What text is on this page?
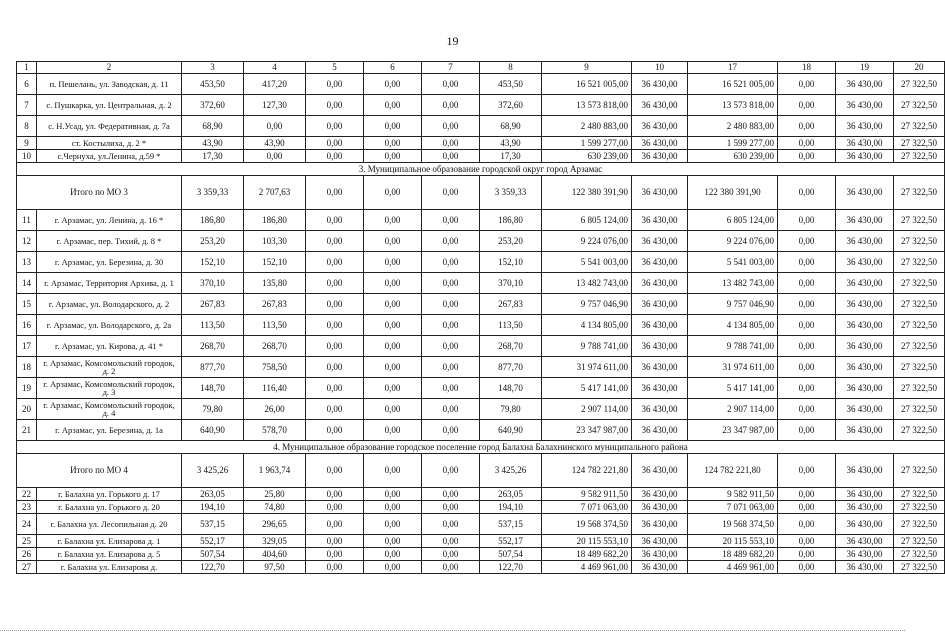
19
1	2	3	4	5	6	7	8	9	10	17	18	19	20
6	п. Пешелань, ул. Заводская, д. 11	453,50	417,20	0,00	0,00	0,00	453,50	16 521 005,00	36 430,00	16 521 005,00	0,00	36 430,00	27 322,50
7	с. Пушкарка, ул. Центральная, д. 2	372,60	127,30	0,00	0,00	0,00	372,60	13 573 818,00	36 430,00	13 573 818,00	0,00	36 430,00	27 322,50
8	с. Н.Усад, ул. Федеративная, д. 7а	68,90	0,00	0,00	0,00	0,00	68,90	2 480 883,00	36 430,00	2 480 883,00	0,00	36 430,00	27 322,50
9	ст. Костылиха, д. 2 *	43,90	43,90	0,00	0,00	0,00	43,90	1 599 277,00	36 430,00	1 599 277,00	0,00	36 430,00	27 322,50
10	с.Чернуха, ул.Ленина, д.59 *	17,30	0,00	0,00	0,00	0,00	17,30	630 239,00	36 430,00	630 239,00	0,00	36 430,00	27 322,50
3. Муниципальное образование городской округ город Арзамас													
Итого по МО 3		3 359,33	2 707,63	0,00	0,00	0,00	3 359,33	122 380 391,90	36 430,00	122 380 391,90	0,00	36 430,00	27 322,50
11	г. Арзамас, ул. Ленина, д. 16 *	186,80	186,80	0,00	0,00	0,00	186,80	6 805 124,00	36 430,00	6 805 124,00	0,00	36 430,00	27 322,50
12	г. Арзамас, пер. Тихий, д. 8 *	253,20	103,30	0,00	0,00	0,00	253,20	9 224 076,00	36 430,00	9 224 076,00	0,00	36 430,00	27 322,50
13	г. Арзамас, ул. Березина, д. 30	152,10	152,10	0,00	0,00	0,00	152,10	5 541 003,00	36 430,00	5 541 003,00	0,00	36 430,00	27 322,50
14	г. Арзамас, Территория Архива, д. 1	370,10	135,80	0,00	0,00	0,00	370,10	13 482 743,00	36 430,00	13 482 743,00	0,00	36 430,00	27 322,50
15	г. Арзамас, ул. Володарского, д. 2	267,83	267,83	0,00	0,00	0,00	267,83	9 757 046,90	36 430,00	9 757 046,90	0,00	36 430,00	27 322,50
16	г. Арзамас, ул. Володарского, д. 2а	113,50	113,50	0,00	0,00	0,00	113,50	4 134 805,00	36 430,00	4 134 805,00	0,00	36 430,00	27 322,50
17	г. Арзамас, ул. Кирова, д. 41 *	268,70	268,70	0,00	0,00	0,00	268,70	9 788 741,00	36 430,00	9 788 741,00	0,00	36 430,00	27 322,50
18	г. Арзамас, Комсомольский городок, д. 2	877,70	758,50	0,00	0,00	0,00	877,70	31 974 611,00	36 430,00	31 974 611,00	0,00	36 430,00	27 322,50
19	г. Арзамас, Комсомольский городок, д. 3	148,70	116,40	0,00	0,00	0,00	148,70	5 417 141,00	36 430,00	5 417 141,00	0,00	36 430,00	27 322,50
20	г. Арзамас, Комсомольский городок, д. 4	79,80	26,00	0,00	0,00	0,00	79,80	2 907 114,00	36 430,00	2 907 114,00	0,00	36 430,00	27 322,50
21	г. Арзамас, ул. Березина, д. 1а	640,90	578,70	0,00	0,00	0,00	640,90	23 347 987,00	36 430,00	23 347 987,00	0,00	36 430,00	27 322,50
4. Муниципальное образование городское поселение город Балахна Балахнинского муниципального района													
Итого по МО 4		3 425,26	1 963,74	0,00	0,00	0,00	3 425,26	124 782 221,80	36 430,00	124 782 221,80	0,00	36 430,00	27 322,50
22	г. Балахна ул. Горького д. 17	263,05	25,80	0,00	0,00	0,00	263,05	9 582 911,50	36 430,00	9 582 911,50	0,00	36 430,00	27 322,50
23	г. Балахна ул. Горького д. 20	194,10	74,80	0,00	0,00	0,00	194,10	7 071 063,00	36 430,00	7 071 063,00	0,00	36 430,00	27 322,50
24	г. Балахна ул. Лесопильная д. 20	537,15	296,65	0,00	0,00	0,00	537,15	19 568 374,50	36 430,00	19 568 374,50	0,00	36 430,00	27 322,50
25	г. Балахна ул. Елизарова д. 1	552,17	329,05	0,00	0,00	0,00	552,17	20 115 553,10	36 430,00	20 115 553,10	0,00	36 430,00	27 322,50
26	г. Балахна ул. Елизарова д. 5	507,54	404,60	0,00	0,00	0,00	507,54	18 489 682,20	36 430,00	18 489 682,20	0,00	36 430,00	27 322,50
27	г. Балахна ул. Елизарова д.	122,70	97,50	0,00	0,00	0,00	122,70	4 469 961,00	36 430,00	4 469 961,00	0,00	36 430,00	27 322,50
